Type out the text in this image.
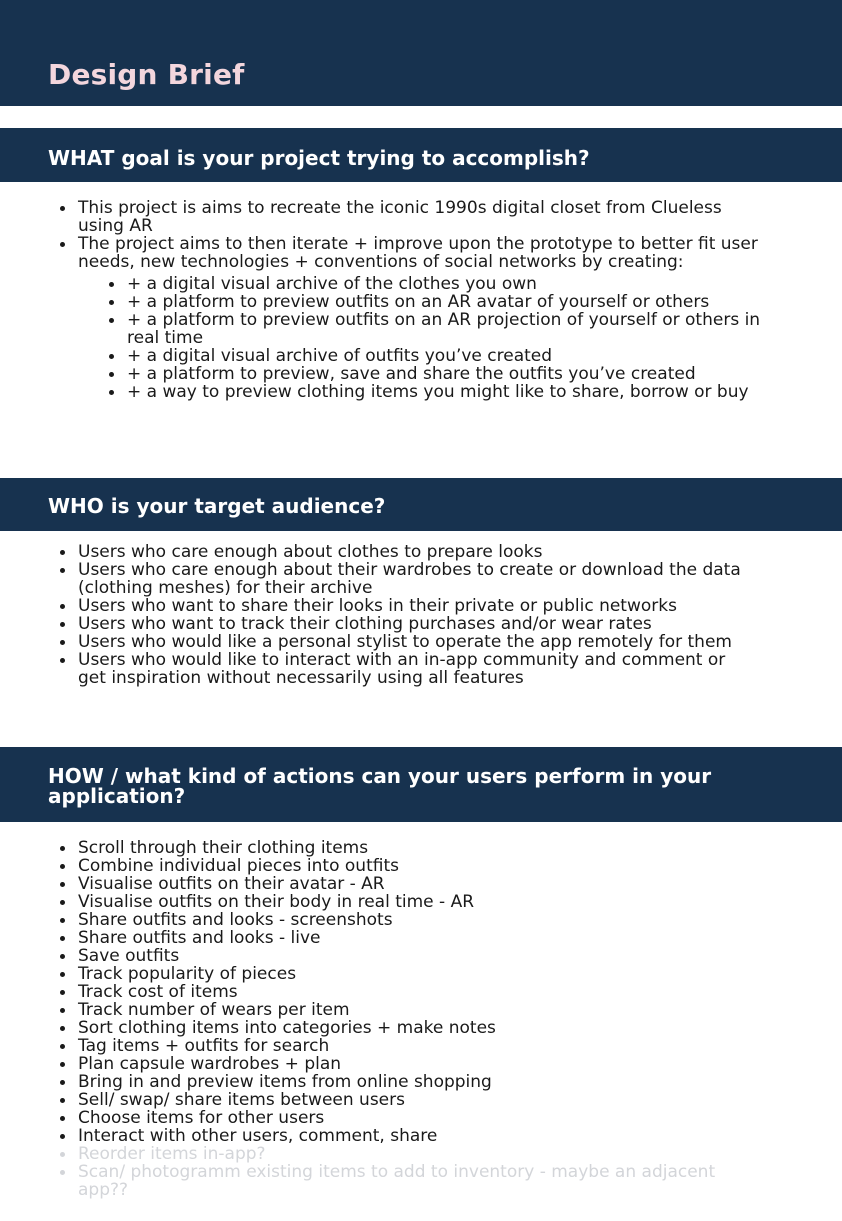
Design Brief
WHAT goal is your project trying to accomplish?
This project is aims to recreate the iconic 1990s digital closet from Clueless using AR
The project aims to then iterate + improve upon the prototype to better fit user needs, new technologies + conventions of social networks by creating:
+ a digital visual archive of the clothes you own
+ a platform to preview outfits on an AR avatar of yourself or others
+ a platform to preview outfits on an AR projection of yourself or others in real time
+ a digital visual archive of outfits you’ve created
+ a platform to preview, save and share the outfits you’ve created
+ a way to preview clothing items you might like to share, borrow or buy
WHO is your target audience?
Users who care enough about clothes to prepare looks
Users who care enough about their wardrobes to create or download the data (clothing meshes) for their archive
Users who want to share their looks in their private or public networks
Users who want to track their clothing purchases and/or wear rates
Users who would like a personal stylist to operate the app remotely for them
Users who would like to interact with an in-app community and comment or get inspiration without necessarily using all features
HOW / what kind of actions can your users perform in your application?
Scroll through their clothing items
Combine individual pieces into outfits
Visualise outfits on their avatar - AR
Visualise outfits on their body in real time - AR
Share outfits and looks - screenshots
Share outfits and looks - live
Save outfits
Track popularity of pieces
Track cost of items
Track number of wears per item
Sort clothing items into categories + make notes
Tag items + outfits for search
Plan capsule wardrobes + plan
Bring in and preview items from online shopping
Sell/ swap/ share items between users
Choose items for other users
Interact with other users, comment, share
Reorder items in-app?
Scan/ photogramm existing items to add to inventory - maybe an adjacent app??
